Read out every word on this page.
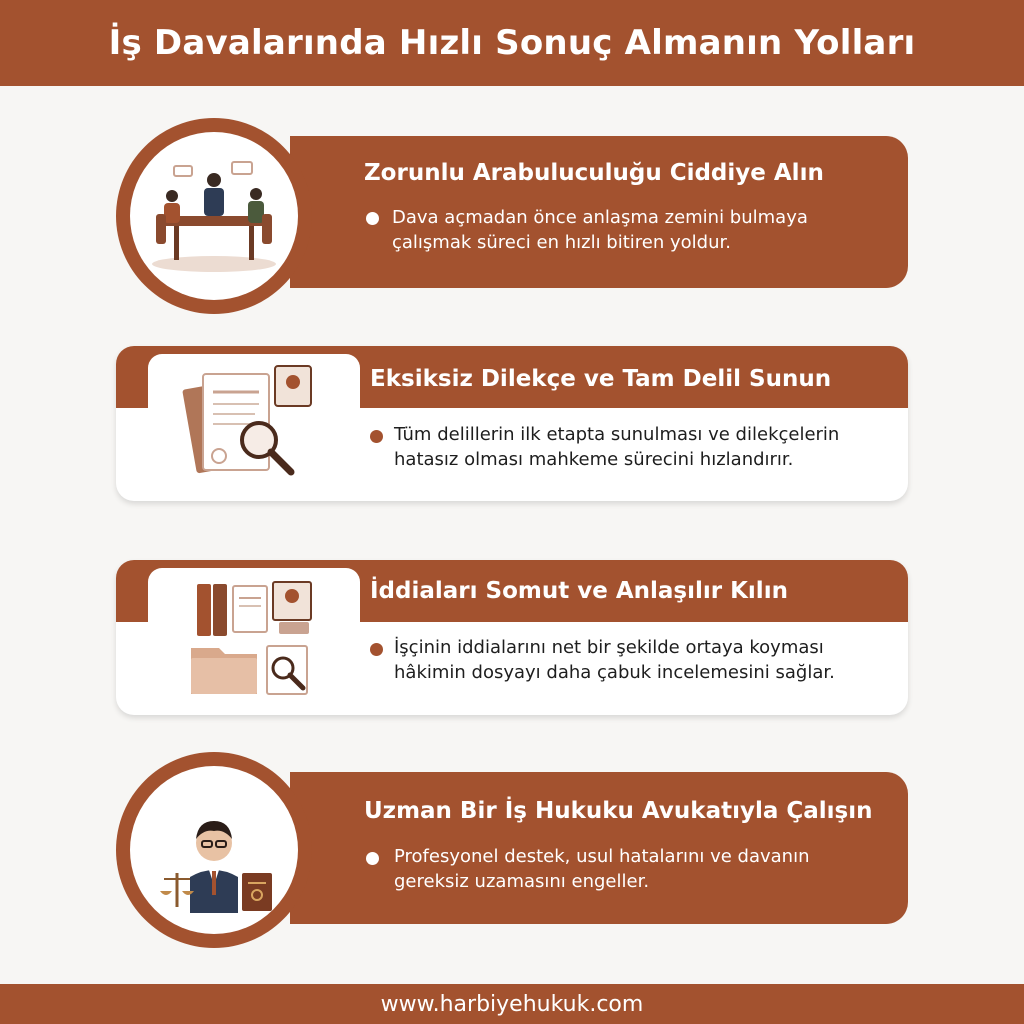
İş Davalarında Hızlı Sonuç Almanın Yolları
Zorunlu Arabuluculuğu Ciddiye Alın
Dava açmadan önce anlaşma zemini bulmaya
çalışmak süreci en hızlı bitiren yoldur.
Eksiksiz Dilekçe ve Tam Delil Sunun
Tüm delillerin ilk etapta sunulması ve dilekçelerin
hatasız olması mahkeme sürecini hızlandırır.
İddiaları Somut ve Anlaşılır Kılın
İşçinin iddialarını net bir şekilde ortaya koyması
hâkimin dosyayı daha çabuk incelemesini sağlar.
Uzman Bir İş Hukuku Avukatıyla Çalışın
Profesyonel destek, usul hatalarını ve davanın
gereksiz uzamasını engeller.
www.harbiyehukuk.com
